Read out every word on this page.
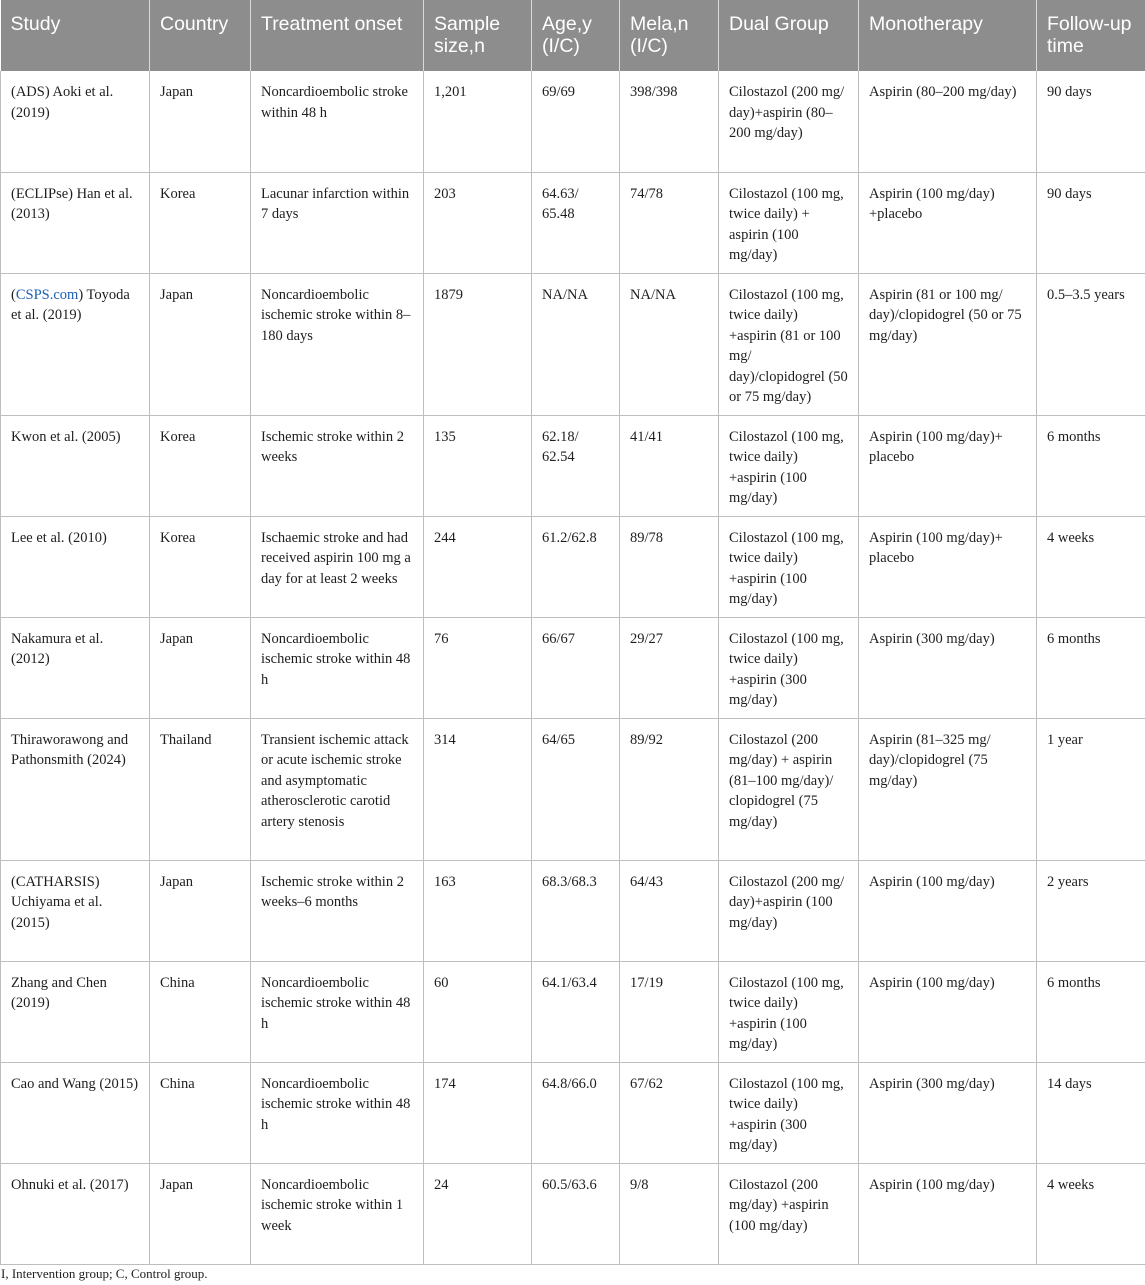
Study	Country	Treatment onset	Sample size,n	Age,y (I/C)	Mela,n (I/C)	Dual Group	Monotherapy	Follow-up time
(ADS) Aoki et al. (2019)	Japan	Noncardioembolic stroke within 48 h	1,201	69/69	398/398	Cilostazol (200 mg/ day)+aspirin (80–200 mg/day)	Aspirin (80–200 mg/day)	90 days
(ECLIPse) Han et al. (2013)	Korea	Lacunar infarction within 7 days	203	64.63/ 65.48	74/78	Cilostazol (100 mg, twice daily) + aspirin (100 mg/day)	Aspirin (100 mg/day) +placebo	90 days
(CSPS.com) Toyoda et al. (2019)	Japan	Noncardioembolic ischemic stroke within 8–180 days	1879	NA/NA	NA/NA	Cilostazol (100 mg, twice daily) +aspirin (81 or 100 mg/ day)/clopidogrel (50 or 75 mg/day)	Aspirin (81 or 100 mg/ day)/clopidogrel (50 or 75 mg/day)	0.5–3.5 years
Kwon et al. (2005)	Korea	Ischemic stroke within 2 weeks	135	62.18/ 62.54	41/41	Cilostazol (100 mg, twice daily) +aspirin (100 mg/day)	Aspirin (100 mg/day)+ placebo	6 months
Lee et al. (2010)	Korea	Ischaemic stroke and had received aspirin 100 mg a day for at least 2 weeks	244	61.2/62.8	89/78	Cilostazol (100 mg, twice daily) +aspirin (100 mg/day)	Aspirin (100 mg/day)+ placebo	4 weeks
Nakamura et al. (2012)	Japan	Noncardioembolic ischemic stroke within 48 h	76	66/67	29/27	Cilostazol (100 mg, twice daily) +aspirin (300 mg/day)	Aspirin (300 mg/day)	6 months
Thiraworawong and Pathonsmith (2024)	Thailand	Transient ischemic attack or acute ischemic stroke and asymptomatic atherosclerotic carotid artery stenosis	314	64/65	89/92	Cilostazol (200 mg/day) + aspirin (81–100 mg/day)/ clopidogrel (75 mg/day)	Aspirin (81–325 mg/ day)/clopidogrel (75 mg/day)	1 year
(CATHARSIS) Uchiyama et al. (2015)	Japan	Ischemic stroke within 2 weeks–6 months	163	68.3/68.3	64/43	Cilostazol (200 mg/ day)+aspirin (100 mg/day)	Aspirin (100 mg/day)	2 years
Zhang and Chen (2019)	China	Noncardioembolic ischemic stroke within 48 h	60	64.1/63.4	17/19	Cilostazol (100 mg, twice daily) +aspirin (100 mg/day)	Aspirin (100 mg/day)	6 months
Cao and Wang (2015)	China	Noncardioembolic ischemic stroke within 48 h	174	64.8/66.0	67/62	Cilostazol (100 mg, twice daily) +aspirin (300 mg/day)	Aspirin (300 mg/day)	14 days
Ohnuki et al. (2017)	Japan	Noncardioembolic ischemic stroke within 1 week	24	60.5/63.6	9/8	Cilostazol (200 mg/day) +aspirin (100 mg/day)	Aspirin (100 mg/day)	4 weeks
I, Intervention group; C, Control group.
